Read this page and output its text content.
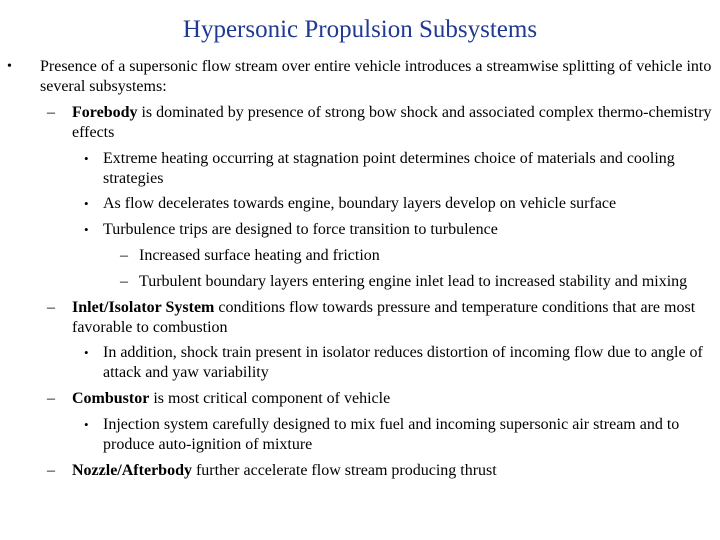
Hypersonic Propulsion Subsystems

• Presence of a supersonic flow stream over entire vehicle introduces a streamwise splitting of vehicle into several subsystems:

– Forebody is dominated by presence of strong bow shock and associated complex thermo-chemistry effects

• Extreme heating occurring at stagnation point determines choice of materials and cooling strategies

• As flow decelerates towards engine, boundary layers develop on vehicle surface

• Turbulence trips are designed to force transition to turbulence

– Increased surface heating and friction

– Turbulent boundary layers entering engine inlet lead to increased stability and mixing

– Inlet/Isolator System conditions flow towards pressure and temperature conditions that are most favorable to combustion

• In addition, shock train present in isolator reduces distortion of incoming flow due to angle of attack and yaw variability

– Combustor is most critical component of vehicle

• Injection system carefully designed to mix fuel and incoming supersonic air stream and to produce auto-ignition of mixture

– Nozzle/Afterbody further accelerate flow stream producing thrust
